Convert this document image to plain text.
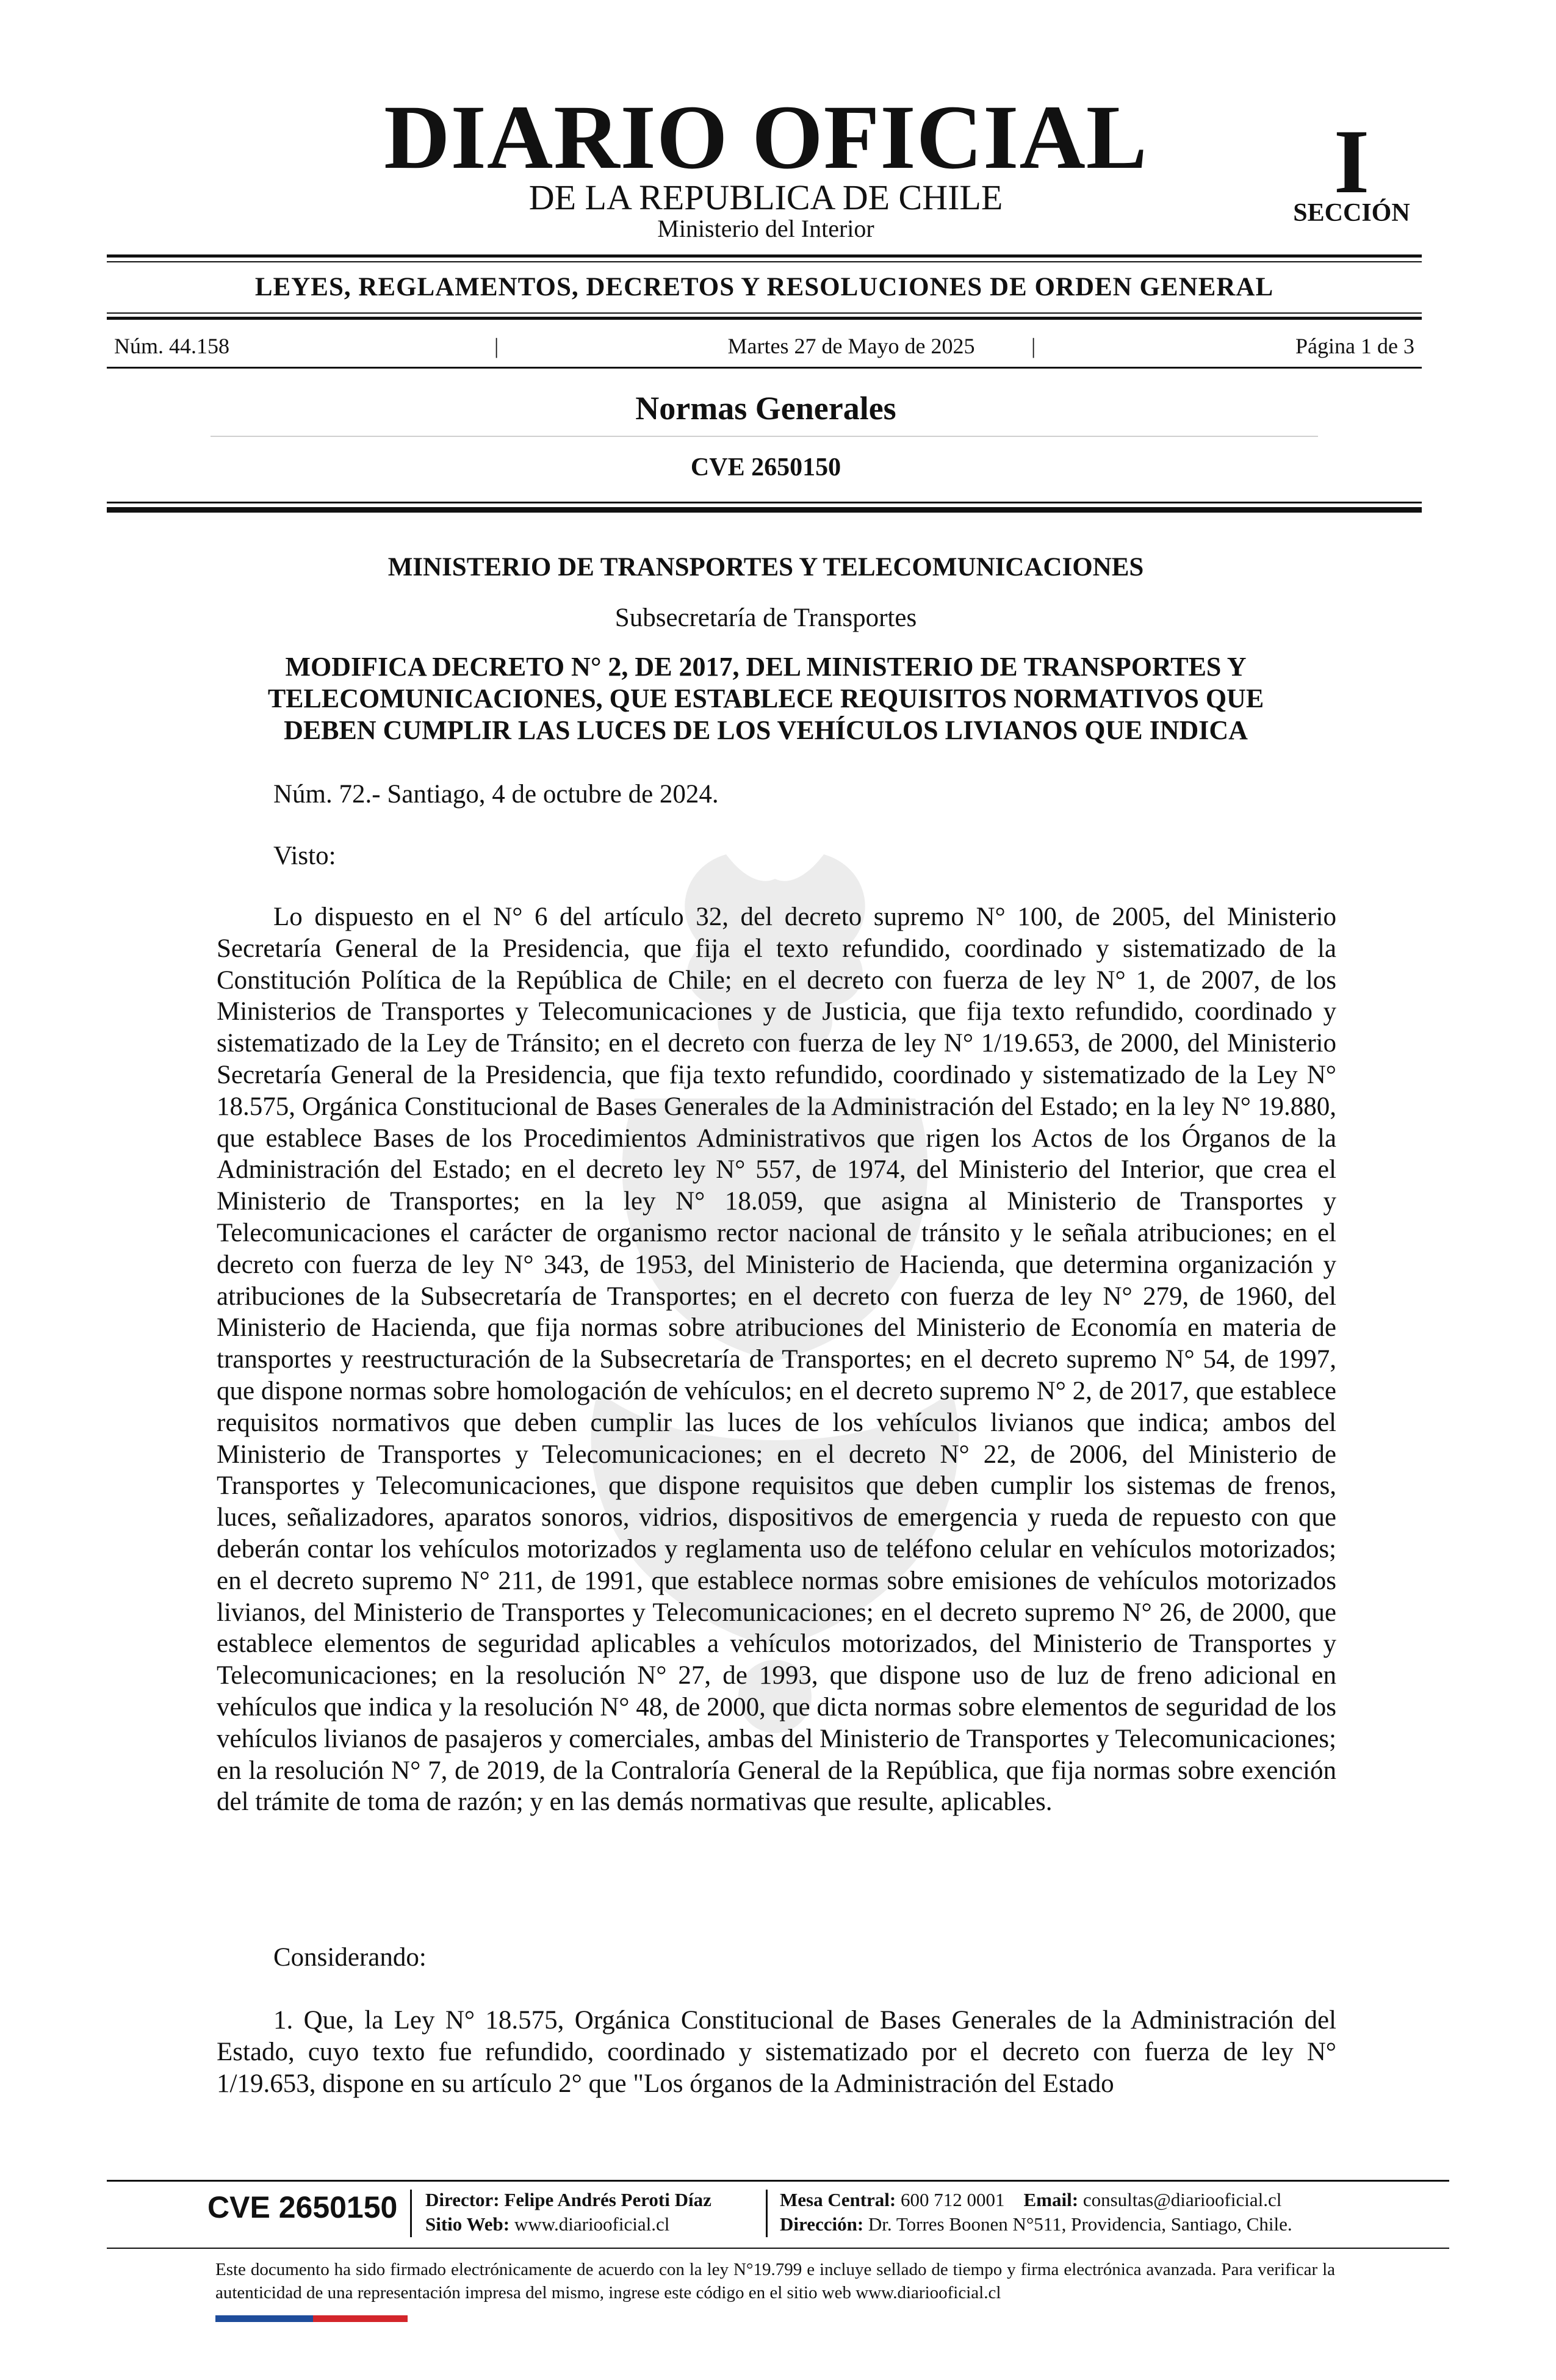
DIARIO OFICIAL
DE LA REPUBLICA DE CHILE
Ministerio del Interior
I
SECCIÓN
LEYES, REGLAMENTOS, DECRETOS Y RESOLUCIONES DE ORDEN GENERAL
Núm. 44.158	|	Martes 27 de Mayo de 2025	|	Página 1 de 3
Normas Generales
CVE 2650150
MINISTERIO DE TRANSPORTES Y TELECOMUNICACIONES
Subsecretaría de Transportes
MODIFICA DECRETO N° 2, DE 2017, DEL MINISTERIO DE TRANSPORTES Y
TELECOMUNICACIONES, QUE ESTABLECE REQUISITOS NORMATIVOS QUE
DEBEN CUMPLIR LAS LUCES DE LOS VEHÍCULOS LIVIANOS QUE INDICA
Núm. 72.- Santiago, 4 de octubre de 2024.
Visto:

Lo dispuesto en el N° 6 del artículo 32, del decreto supremo N° 100, de 2005, del Ministerio Secretaría General de la Presidencia, que fija el texto refundido, coordinado y sistematizado de la Constitución Política de la República de Chile; en el decreto con fuerza de ley N° 1, de 2007, de los Ministerios de Transportes y Telecomunicaciones y de Justicia, que fija texto refundido, coordinado y sistematizado de la Ley de Tránsito; en el decreto con fuerza de ley N° 1/19.653, de 2000, del Ministerio Secretaría General de la Presidencia, que fija texto refundido, coordinado y sistematizado de la Ley N° 18.575, Orgánica Constitucional de Bases Generales de la Administración del Estado; en la ley N° 19.880, que establece Bases de los Procedimientos Administrativos que rigen los Actos de los Órganos de la Administración del Estado; en el decreto ley N° 557, de 1974, del Ministerio del Interior, que crea el Ministerio de Transportes; en la ley N° 18.059, que asigna al Ministerio de Transportes y Telecomunicaciones el carácter de organismo rector nacional de tránsito y le señala atribuciones; en el decreto con fuerza de ley N° 343, de 1953, del Ministerio de Hacienda, que determina organización y atribuciones de la Subsecretaría de Transportes; en el decreto con fuerza de ley N° 279, de 1960, del Ministerio de Hacienda, que fija normas sobre atribuciones del Ministerio de Economía en materia de transportes y reestructuración de la Subsecretaría de Transportes; en el decreto supremo N° 54, de 1997, que dispone normas sobre homologación de vehículos; en el decreto supremo N° 2, de 2017, que establece requisitos normativos que deben cumplir las luces de los vehículos livianos que indica; ambos del Ministerio de Transportes y Telecomunicaciones; en el decreto N° 22, de 2006, del Ministerio de Transportes y Telecomunicaciones, que dispone requisitos que deben cumplir los sistemas de frenos, luces, señalizadores, aparatos sonoros, vidrios, dispositivos de emergencia y rueda de repuesto con que deberán contar los vehículos motorizados y reglamenta uso de teléfono celular en vehículos motorizados; en el decreto supremo N° 211, de 1991, que establece normas sobre emisiones de vehículos motorizados livianos, del Ministerio de Transportes y Telecomunicaciones; en el decreto supremo N° 26, de 2000, que establece elementos de seguridad aplicables a vehículos motorizados, del Ministerio de Transportes y Telecomunicaciones; en la resolución N° 27, de 1993, que dispone uso de luz de freno adicional en vehículos que indica y la resolución N° 48, de 2000, que dicta normas sobre elementos de seguridad de los vehículos livianos de pasajeros y comerciales, ambas del Ministerio de Transportes y Telecomunicaciones; en la resolución N° 7, de 2019, de la Contraloría General de la República, que fija normas sobre exención del trámite de toma de razón; y en las demás normativas que resulte, aplicables.

Considerando:

1. Que, la Ley N° 18.575, Orgánica Constitucional de Bases Generales de la Administración del Estado, cuyo texto fue refundido, coordinado y sistematizado por el decreto con fuerza de ley N° 1/19.653, dispone en su artículo 2° que "Los órganos de la Administración del Estado

CVE 2650150 Director: Felipe Andrés Peroti Díaz
Sitio Web: www.diariooficial.cl
Mesa Central: 600 712 0001 Email: consultas@diariooficial.cl
Dirección: Dr. Torres Boonen N°511, Providencia, Santiago, Chile.
Este documento ha sido firmado electrónicamente de acuerdo con la ley N°19.799 e incluye sellado de tiempo y firma electrónica avanzada. Para verificar la autenticidad de una representación impresa del mismo, ingrese este código en el sitio web www.diariooficial.cl
